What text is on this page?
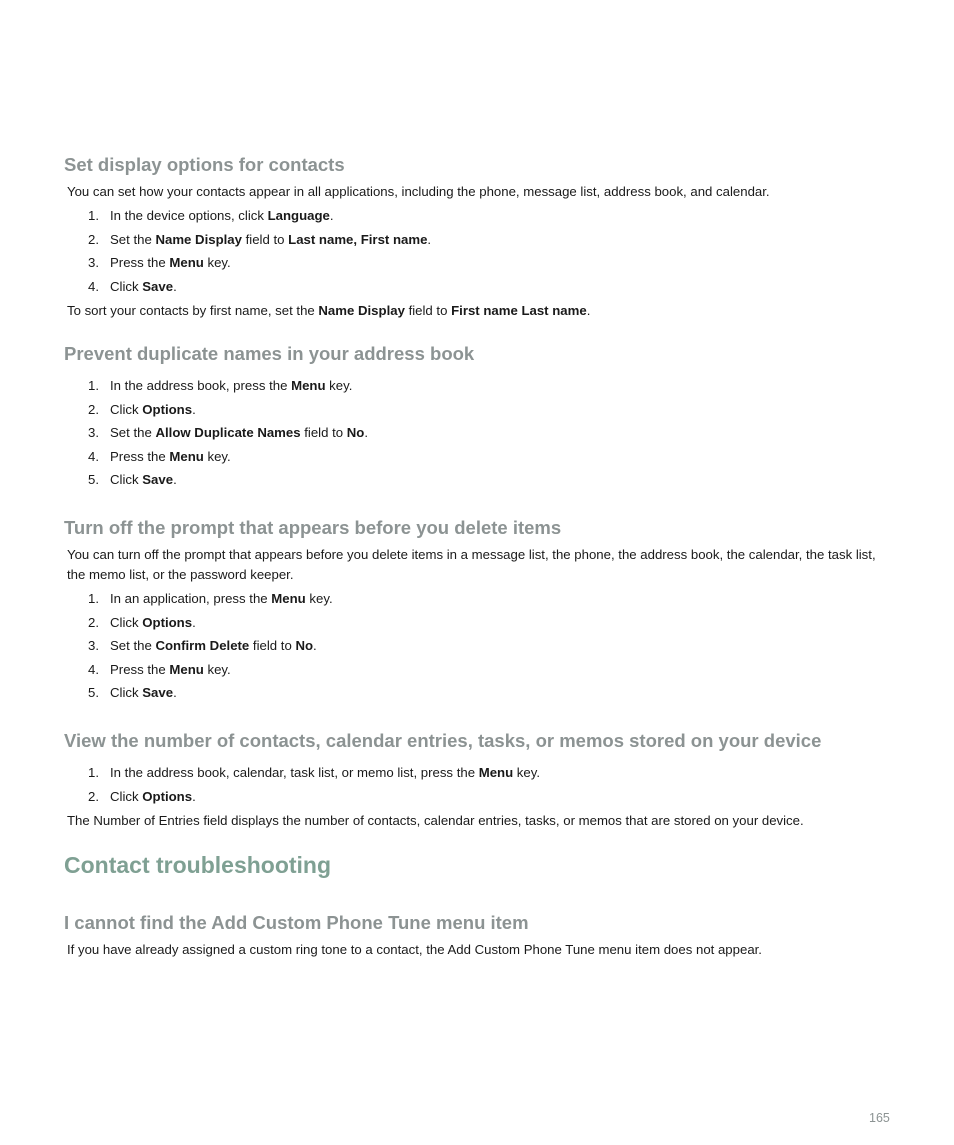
Set display options for contacts

You can set how your contacts appear in all applications, including the phone, message list, address book, and calendar.

1. In the device options, click Language.
2. Set the Name Display field to Last name, First name.
3. Press the Menu key.
4. Click Save.

To sort your contacts by first name, set the Name Display field to First name Last name.

Prevent duplicate names in your address book
1. In the address book, press the Menu key.
2. Click Options.
3. Set the Allow Duplicate Names field to No.
4. Press the Menu key.
5. Click Save.
Turn off the prompt that appears before you delete items

You can turn off the prompt that appears before you delete items in a message list, the phone, the address book, the calendar, the task list, the memo list, or the password keeper.

1. In an application, press the Menu key.
2. Click Options.
3. Set the Confirm Delete field to No.
4. Press the Menu key.
5. Click Save.
View the number of contacts, calendar entries, tasks, or memos stored on your device
1. In the address book, calendar, task list, or memo list, press the Menu key.
2. Click Options.

The Number of Entries field displays the number of contacts, calendar entries, tasks, or memos that are stored on your device.

Contact troubleshooting
I cannot find the Add Custom Phone Tune menu item

If you have already assigned a custom ring tone to a contact, the Add Custom Phone Tune menu item does not appear.

165
